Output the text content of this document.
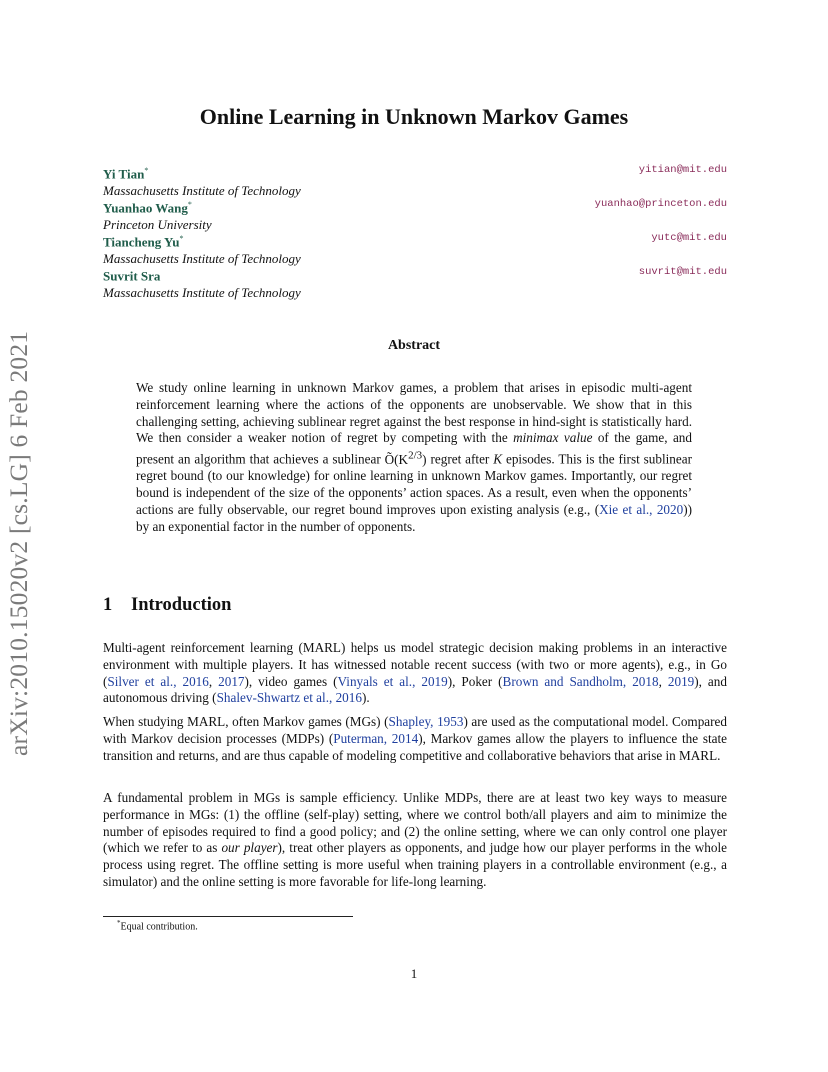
arXiv:2010.15020v2 [cs.LG] 6 Feb 2021
Online Learning in Unknown Markov Games
Yi Tian*
Massachusetts Institute of Technology
yitian@mit.edu
Yuanhao Wang*
Princeton University
yuanhao@princeton.edu
Tiancheng Yu*
Massachusetts Institute of Technology
yutc@mit.edu
Suvrit Sra
Massachusetts Institute of Technology
suvrit@mit.edu
Abstract

We study online learning in unknown Markov games, a problem that arises in episodic multi-agent reinforcement learning where the actions of the opponents are unobservable. We show that in this challenging setting, achieving sublinear regret against the best response in hind-sight is statistically hard. We then consider a weaker notion of regret by competing with the minimax value of the game, and present an algorithm that achieves a sublinear $Õ(K^{2/3})$ regret after K episodes. This is the first sublinear regret bound (to our knowledge) for online learning in unknown Markov games. Importantly, our regret bound is independent of the size of the opponents’ action spaces. As a result, even when the opponents’ actions are fully observable, our regret bound improves upon existing analysis (e.g., (Xie et al., 2020)) by an exponential factor in the number of opponents.

1 Introduction

Multi-agent reinforcement learning (MARL) helps us model strategic decision making problems in an interactive environment with multiple players. It has witnessed notable recent success (with two or more agents), e.g., in Go (Silver et al., 2016, 2017), video games (Vinyals et al., 2019), Poker (Brown and Sandholm, 2018, 2019), and autonomous driving (Shalev-Shwartz et al., 2016).

When studying MARL, often Markov games (MGs) (Shapley, 1953) are used as the computational model. Compared with Markov decision processes (MDPs) (Puterman, 2014), Markov games allow the players to influence the state transition and returns, and are thus capable of modeling competitive and collaborative behaviors that arise in MARL.

A fundamental problem in MGs is sample efficiency. Unlike MDPs, there are at least two key ways to measure performance in MGs: (1) the offline (self-play) setting, where we control both/all players and aim to minimize the number of episodes required to find a good policy; and (2) the online setting, where we can only control one player (which we refer to as our player), treat other players as opponents, and judge how our player performs in the whole process using regret. The offline setting is more useful when training players in a controllable environment (e.g., a simulator) and the online setting is more favorable for life-long learning.

*Equal contribution.
1
